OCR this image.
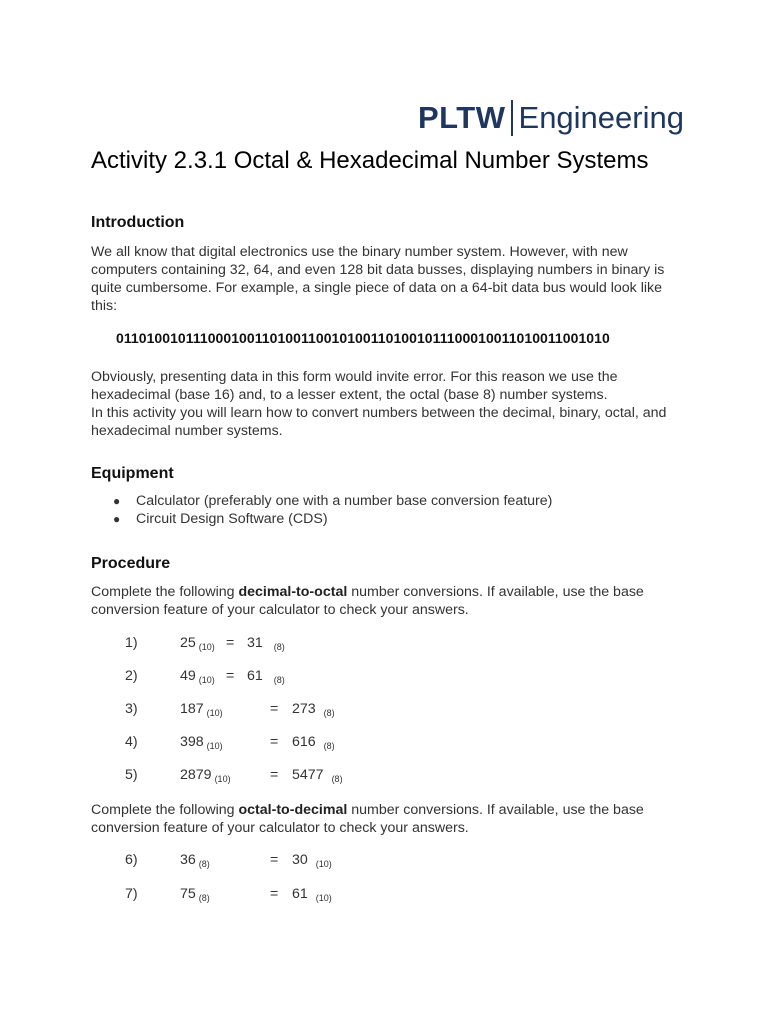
PLTW Engineering
Activity 2.3.1 Octal & Hexadecimal Number Systems
Introduction

We all know that digital electronics use the binary number system. However, with new computers containing 32, 64, and even 128 bit data busses, displaying numbers in binary is quite cumbersome. For example, a single piece of data on a 64-bit data bus would look like this:

0110100101110001001101001100101001101001011100010011010011001010

Obviously, presenting data in this form would invite error. For this reason we use the hexadecimal (base 16) and, to a lesser extent, the octal (base 8) number systems.

In this activity you will learn how to convert numbers between the decimal, binary, octal, and hexadecimal number systems.

Equipment
● Calculator (preferably one with a number base conversion feature)
● Circuit Design Software (CDS)
Procedure

Complete the following decimal-to-octal number conversions. If available, use the base conversion feature of your calculator to check your answers.

1)	25 $_{(10)}$ = 31 $_{(8)}$
2)	49 $_{(10)}$ = 61 $_{(8)}$
3)	187 $_{(10)}$	= 273 $_{(8)}$
4)	398 $_{(10)}$	= 616 $_{(8)}$
5)	2879 $_{(10)}$	= 5477 $_{(8)}$

Complete the following octal-to-decimal number conversions. If available, use the base conversion feature of your calculator to check your answers.

6)	36 $_{(8)}$	= 30 $_{(10)}$
7)	75 $_{(8)}$	= 61 $_{(10)}$
